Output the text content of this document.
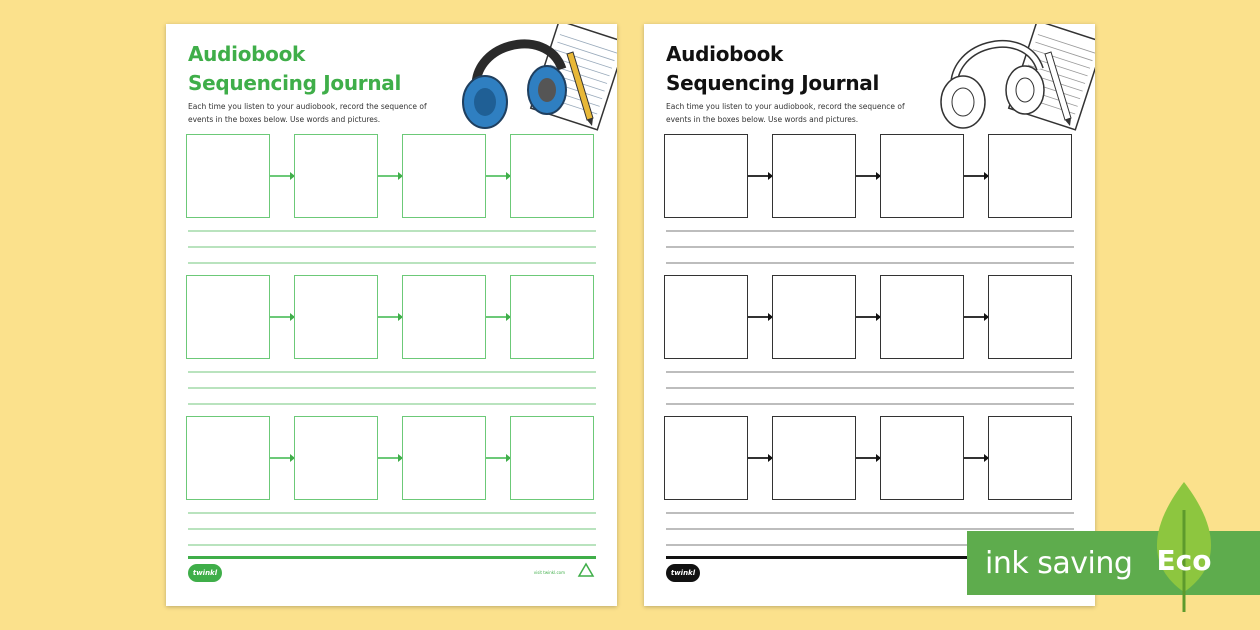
Audiobook
Sequencing Journal
Each time you listen to your audiobook, record the sequence of events in the boxes below. Use words and pictures.
twinkl	visit twinkl.com
Audiobook
Sequencing Journal
Each time you listen to your audiobook, record the sequence of events in the boxes below. Use words and pictures.
twinkl	ink saving Eco
